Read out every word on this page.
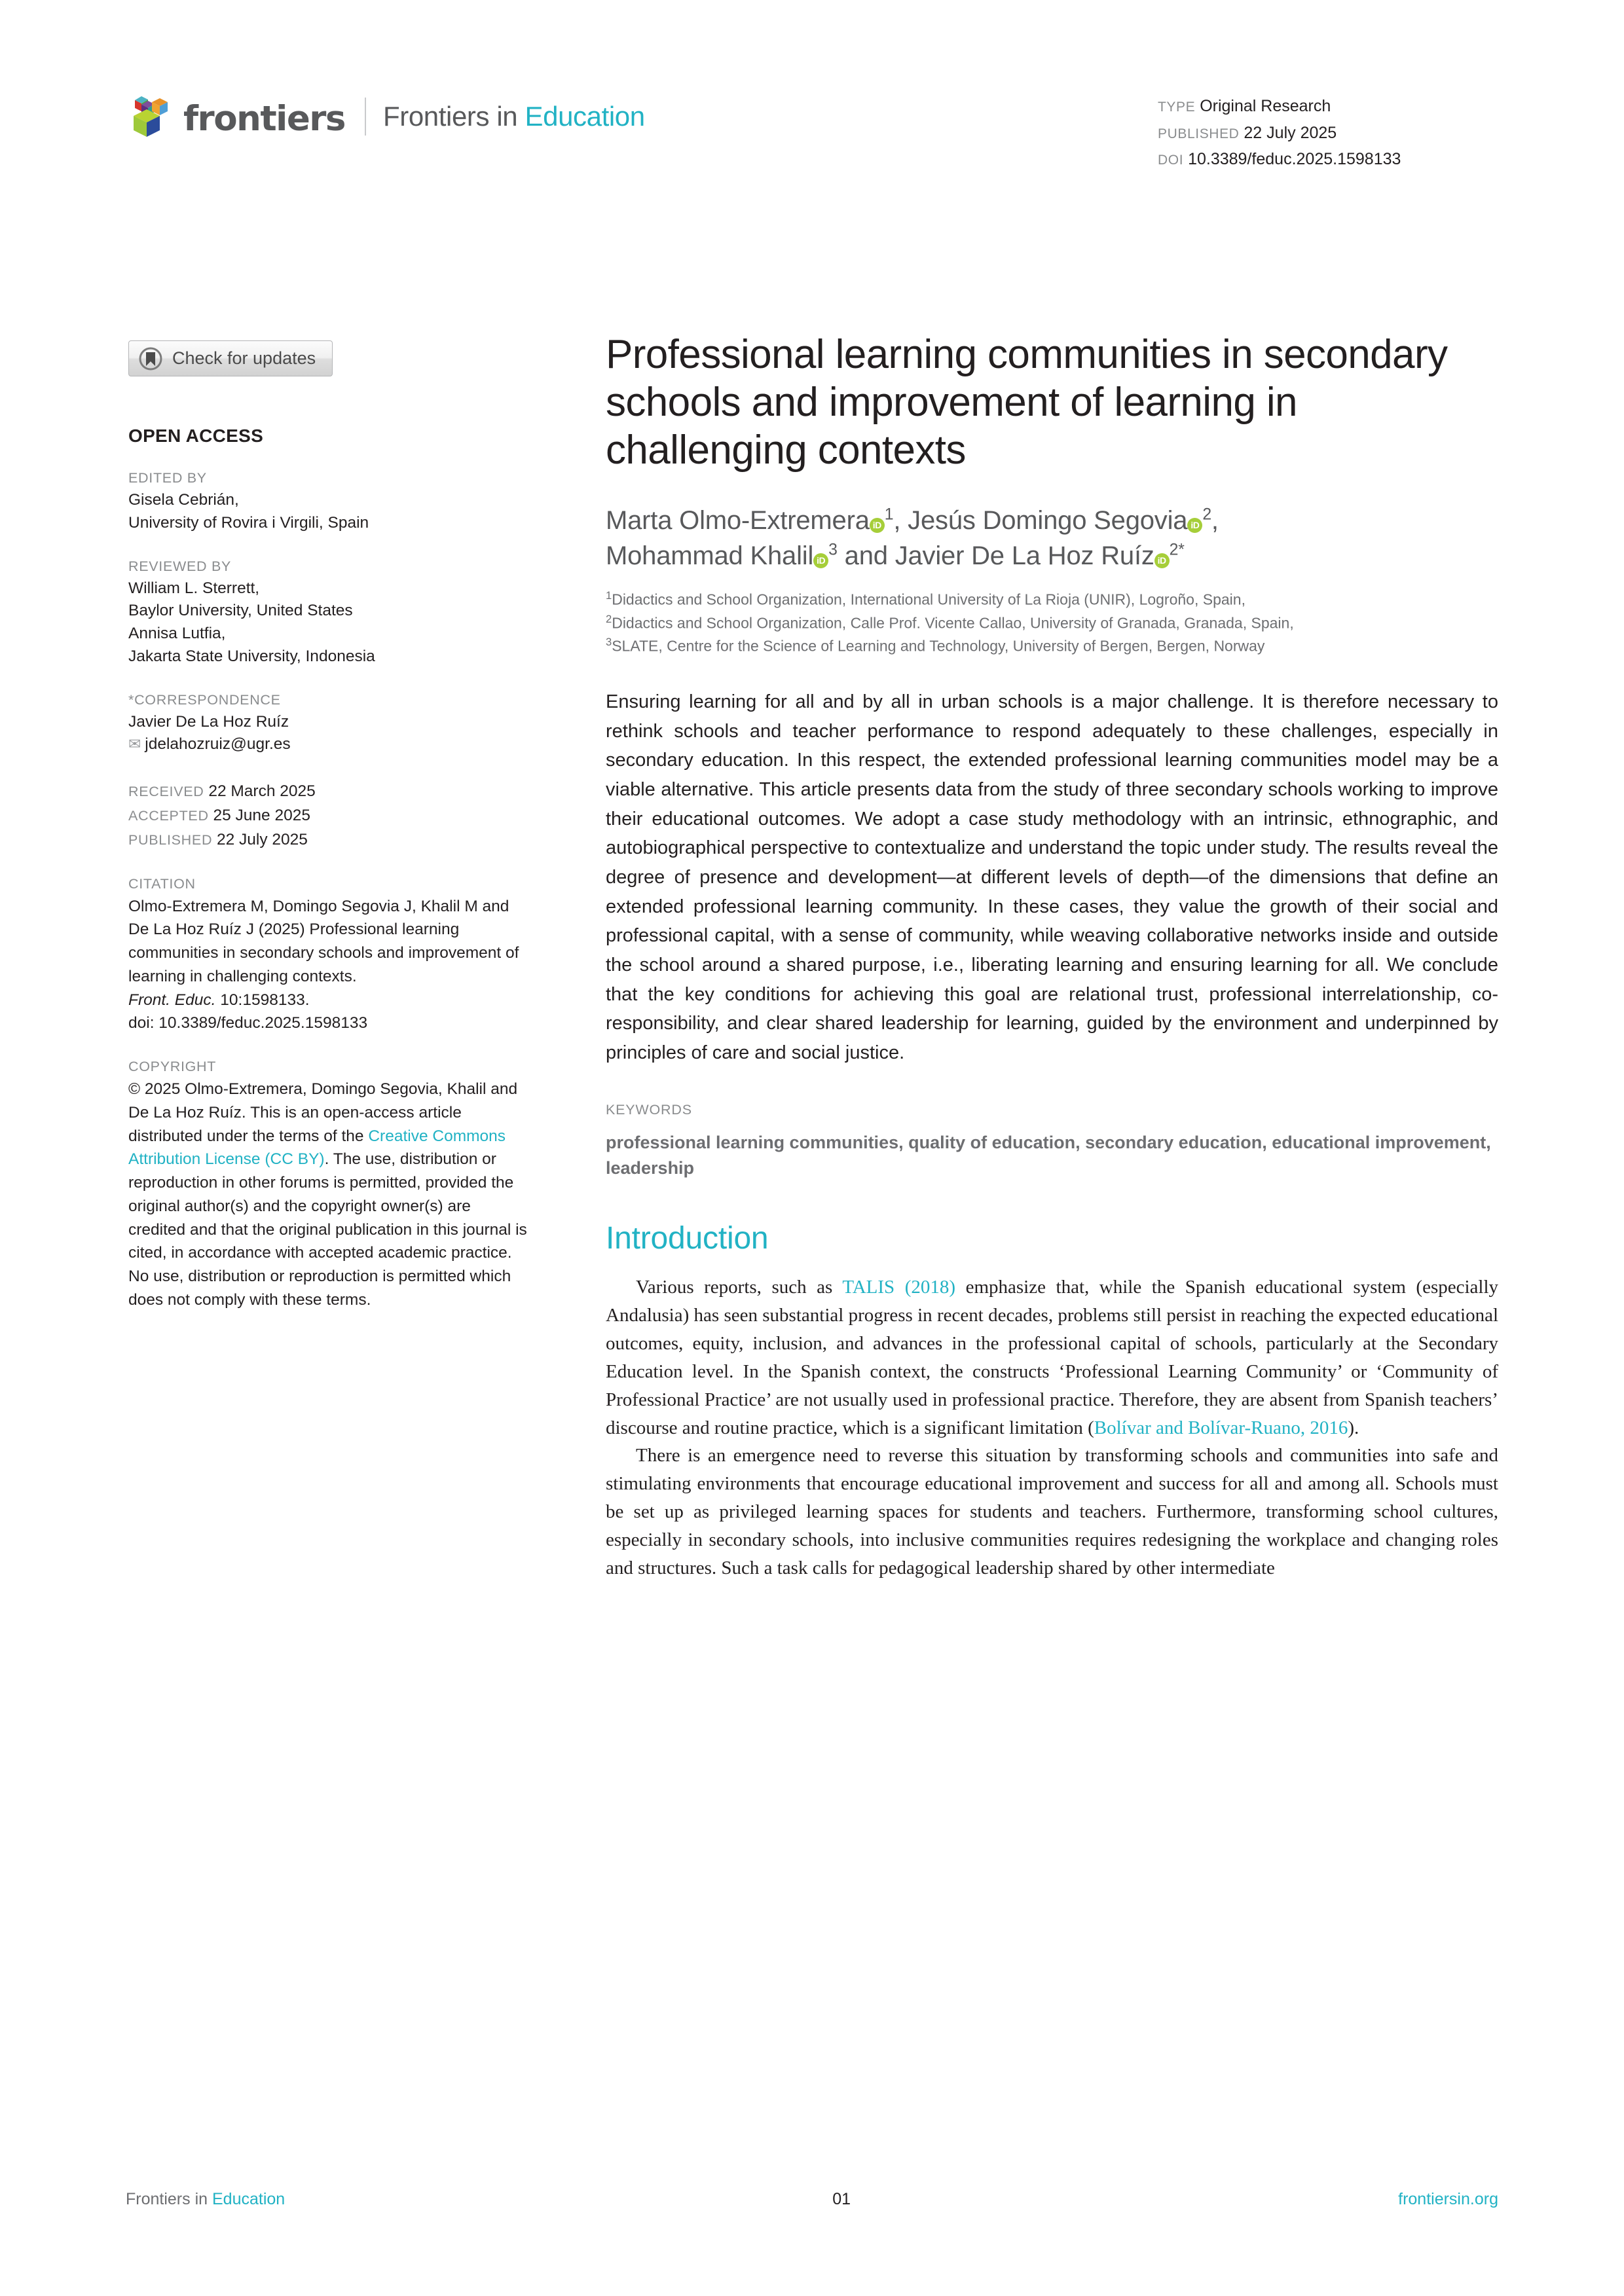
frontiers Frontiers in Education	TYPE Original Research
PUBLISHED 22 July 2025
DOI 10.3389/feduc.2025.1598133
Check for updates
OPEN ACCESS
EDITED BY
Gisela Cebrián,
University of Rovira i Virgili, Spain
REVIEWED BY
William L. Sterrett,
Baylor University, United States
Annisa Lutfia,
Jakarta State University, Indonesia
*CORRESPONDENCE
Javier De La Hoz Ruíz
✉ jdelahozruiz@ugr.es
RECEIVED 22 March 2025
ACCEPTED 25 June 2025
PUBLISHED 22 July 2025
CITATION
Olmo-Extremera M, Domingo Segovia J, Khalil M and De La Hoz Ruíz J (2025) Professional learning communities in secondary schools and improvement of learning in challenging contexts.
Front. Educ. 10:1598133.
doi: 10.3389/feduc.2025.1598133
COPYRIGHT
© 2025 Olmo-Extremera, Domingo Segovia, Khalil and De La Hoz Ruíz. This is an open-access article distributed under the terms of the Creative Commons Attribution License (CC BY). The use, distribution or reproduction in other forums is permitted, provided the original author(s) and the copyright owner(s) are credited and that the original publication in this journal is cited, in accordance with accepted academic practice. No use, distribution or reproduction is permitted which does not comply with these terms.
Professional learning communities in secondary schools and improvement of learning in challenging contexts
Marta Olmo-Extremera $iD^1$, Jesús Domingo Segovia $iD^2$,
Mohammad Khalil $iD^3$ and Javier De La Hoz Ruíz $iD^{2*}$
$^1$Didactics and School Organization, International University of La Rioja (UNIR), Logroño, Spain,
$^2$Didactics and School Organization, Calle Prof. Vicente Callao, University of Granada, Granada, Spain,
$^3$SLATE, Centre for the Science of Learning and Technology, University of Bergen, Bergen, Norway
Ensuring learning for all and by all in urban schools is a major challenge. It is therefore necessary to rethink schools and teacher performance to respond adequately to these challenges, especially in secondary education. In this respect, the extended professional learning communities model may be a viable alternative. This article presents data from the study of three secondary schools working to improve their educational outcomes. We adopt a case study methodology with an intrinsic, ethnographic, and autobiographical perspective to contextualize and understand the topic under study. The results reveal the degree of presence and development—at different levels of depth—of the dimensions that define an extended professional learning community. In these cases, they value the growth of their social and professional capital, with a sense of community, while weaving collaborative networks inside and outside the school around a shared purpose, i.e., liberating learning and ensuring learning for all. We conclude that the key conditions for achieving this goal are relational trust, professional interrelationship, co-responsibility, and clear shared leadership for learning, guided by the environment and underpinned by principles of care and social justice.
KEYWORDS
professional learning communities, quality of education, secondary education, educational improvement, leadership
Introduction

Various reports, such as TALIS (2018) emphasize that, while the Spanish educational system (especially Andalusia) has seen substantial progress in recent decades, problems still persist in reaching the expected educational outcomes, equity, inclusion, and advances in the professional capital of schools, particularly at the Secondary Education level. In the Spanish context, the constructs ‘Professional Learning Community’ or ‘Community of Professional Practice’ are not usually used in professional practice. Therefore, they are absent from Spanish teachers’ discourse and routine practice, which is a significant limitation (Bolívar and Bolívar-Ruano, 2016).

There is an emergence need to reverse this situation by transforming schools and communities into safe and stimulating environments that encourage educational improvement and success for all and among all. Schools must be set up as privileged learning spaces for students and teachers. Furthermore, transforming school cultures, especially in secondary schools, into inclusive communities requires redesigning the workplace and changing roles and structures. Such a task calls for pedagogical leadership shared by other intermediate

Frontiers in Education	01	frontiersin.org
